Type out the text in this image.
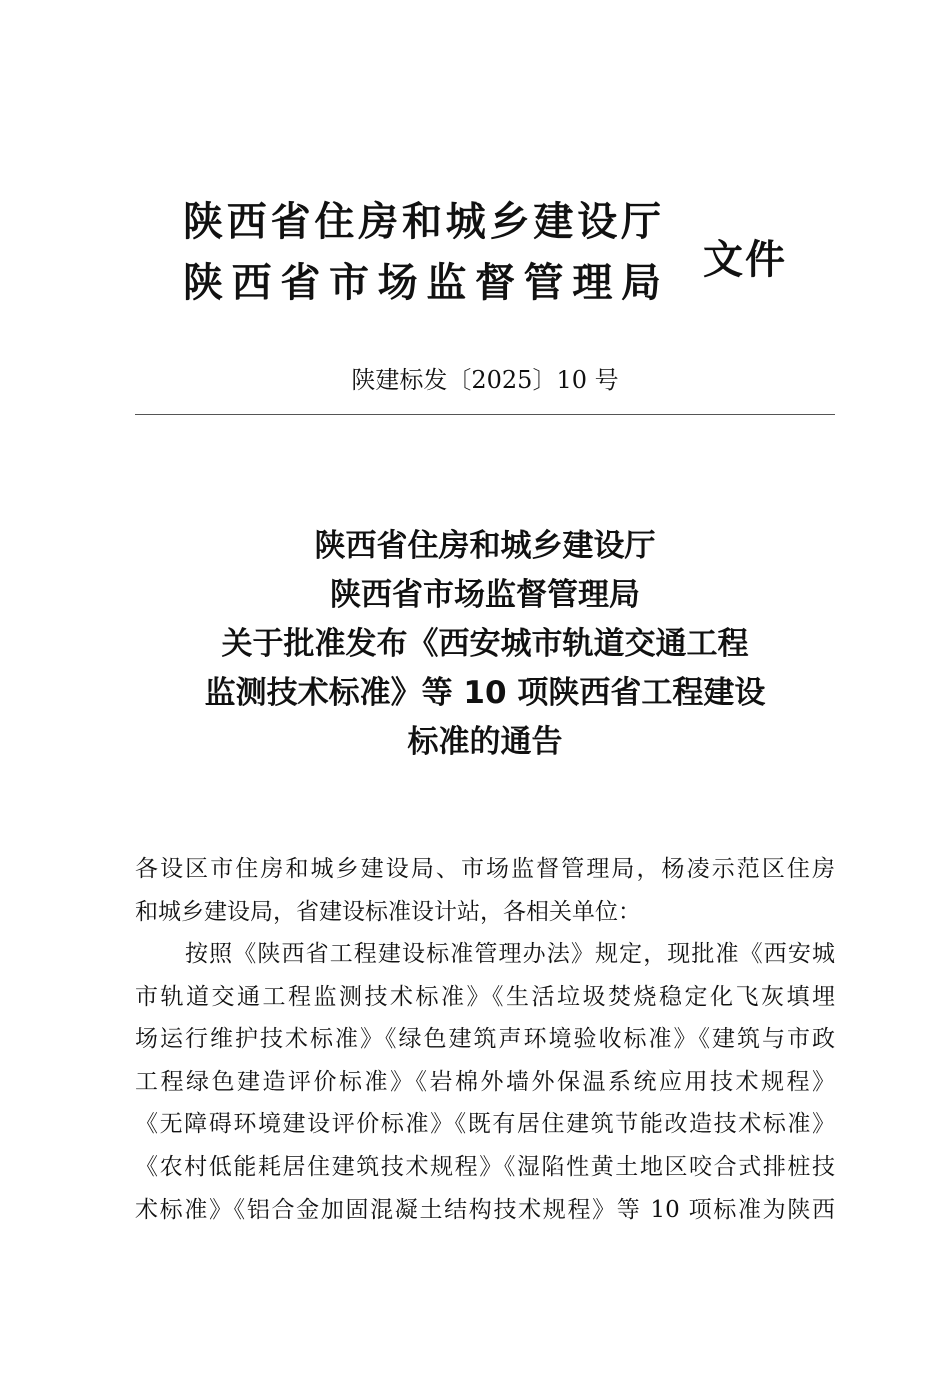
陕西省住房和城乡建设厅
陕西省市场监督管理局 文件
陕建标发〔2025〕10 号
陕西省住房和城乡建设厅
陕西省市场监督管理局
关于批准发布《西安城市轨道交通工程
监测技术标准》等 10 项陕西省工程建设
标准的通告
各设区市住房和城乡建设局、市场监督管理局，杨凌示范区住房
和城乡建设局，省建设标准设计站，各相关单位：
按照《陕西省工程建设标准管理办法》规定，现批准《西安城
市轨道交通工程监测技术标准》《生活垃圾焚烧稳定化飞灰填埋
场运行维护技术标准》《绿色建筑声环境验收标准》《建筑与市政
工程绿色建造评价标准》《岩棉外墙外保温系统应用技术规程》
《无障碍环境建设评价标准》《既有居住建筑节能改造技术标准》
《农村低能耗居住建筑技术规程》《湿陷性黄土地区咬合式排桩技
术标准》《铝合金加固混凝土结构技术规程》等 10 项标准为陕西
